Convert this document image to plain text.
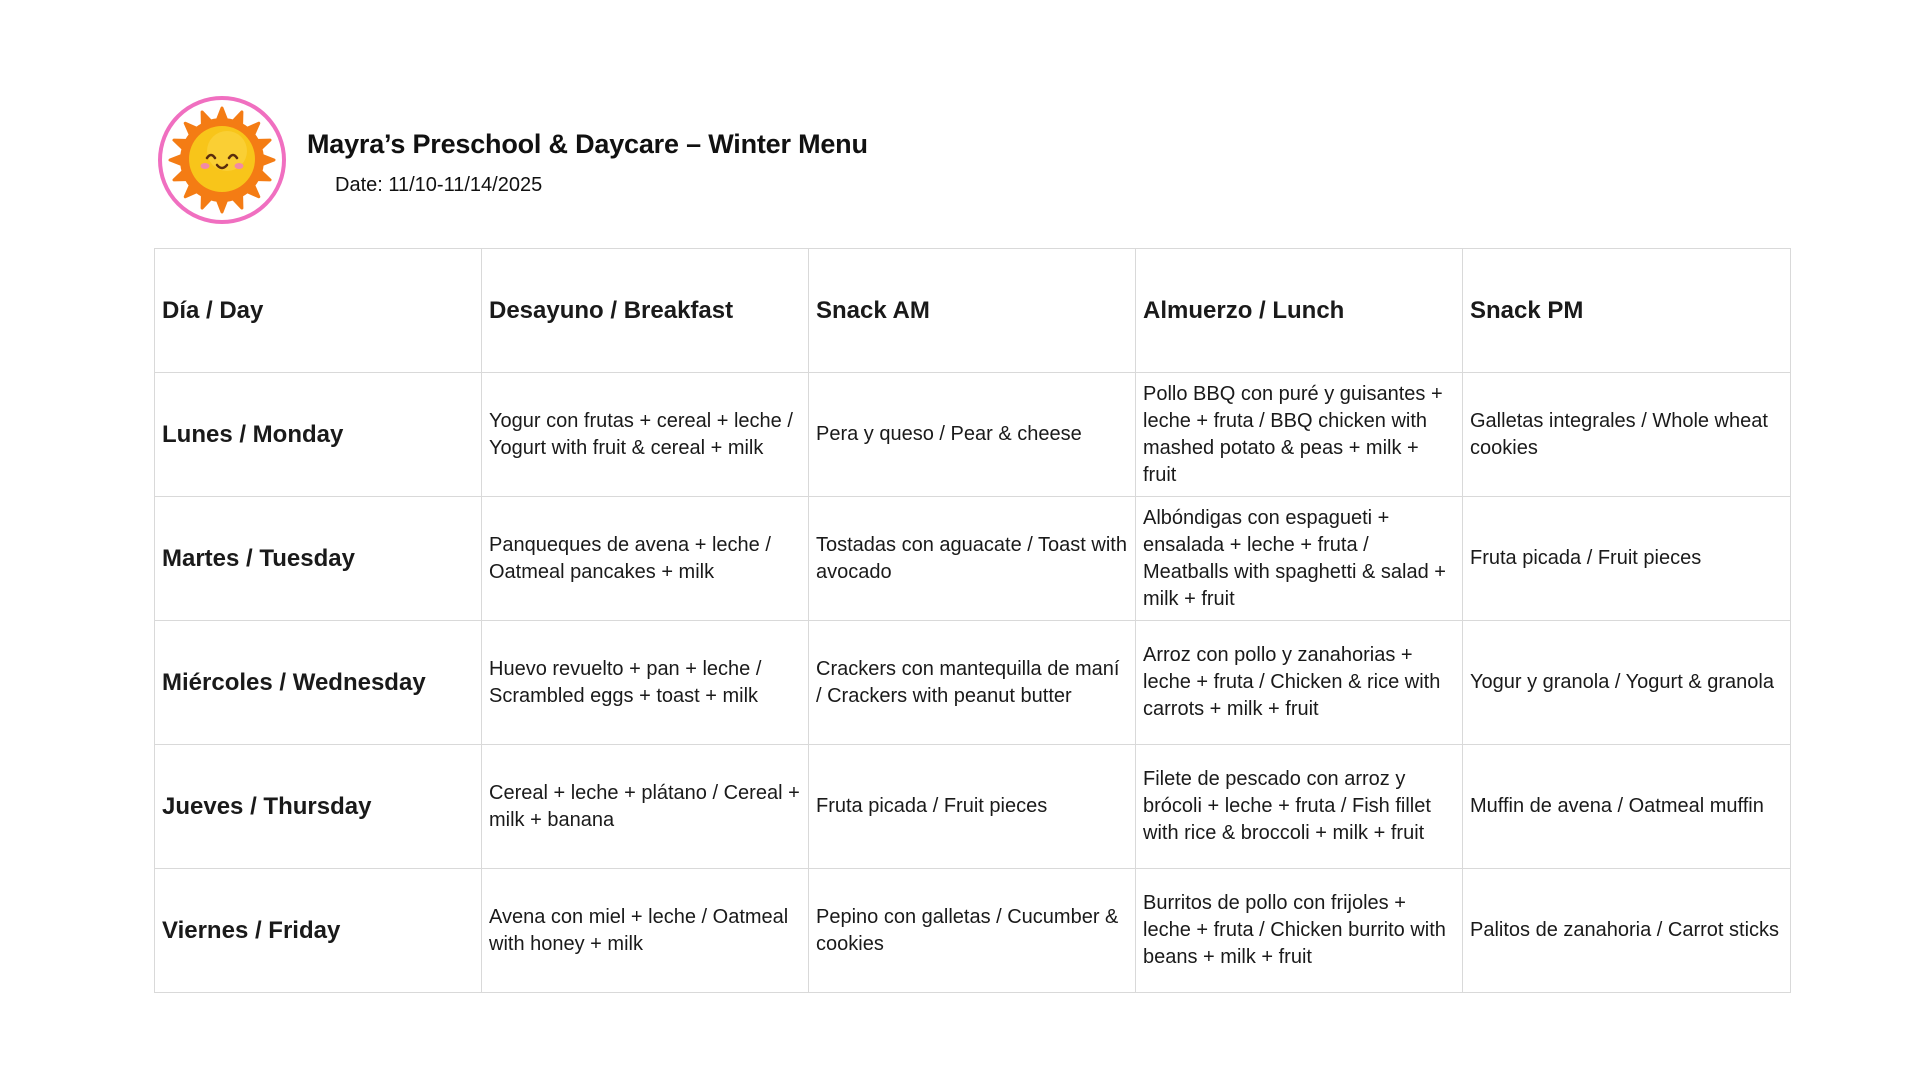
Mayra’s Preschool & Daycare – Winter Menu
Date: 11/10-11/14/2025
Día / Day	Desayuno / Breakfast	Snack AM	Almuerzo / Lunch	Snack PM
Lunes / Monday	Yogur con frutas + cereal + leche / Yogurt with fruit & cereal + milk	Pera y queso / Pear & cheese	Pollo BBQ con puré y guisantes + leche + fruta / BBQ chicken with mashed potato & peas + milk + fruit	Galletas integrales / Whole wheat cookies
Martes / Tuesday	Panqueques de avena + leche / Oatmeal pancakes + milk	Tostadas con aguacate / Toast with avocado	Albóndigas con espagueti + ensalada + leche + fruta / Meatballs with spaghetti & salad + milk + fruit	Fruta picada / Fruit pieces
Miércoles / Wednesday	Huevo revuelto + pan + leche / Scrambled eggs + toast + milk	Crackers con mantequilla de maní / Crackers with peanut butter	Arroz con pollo y zanahorias + leche + fruta / Chicken & rice with carrots + milk + fruit	Yogur y granola / Yogurt & granola
Jueves / Thursday	Cereal + leche + plátano / Cereal + milk + banana	Fruta picada / Fruit pieces	Filete de pescado con arroz y brócoli + leche + fruta / Fish fillet with rice & broccoli + milk + fruit	Muffin de avena / Oatmeal muffin
Viernes / Friday	Avena con miel + leche / Oatmeal with honey + milk	Pepino con galletas / Cucumber & cookies	Burritos de pollo con frijoles + leche + fruta / Chicken burrito with beans + milk + fruit	Palitos de zanahoria / Carrot sticks
